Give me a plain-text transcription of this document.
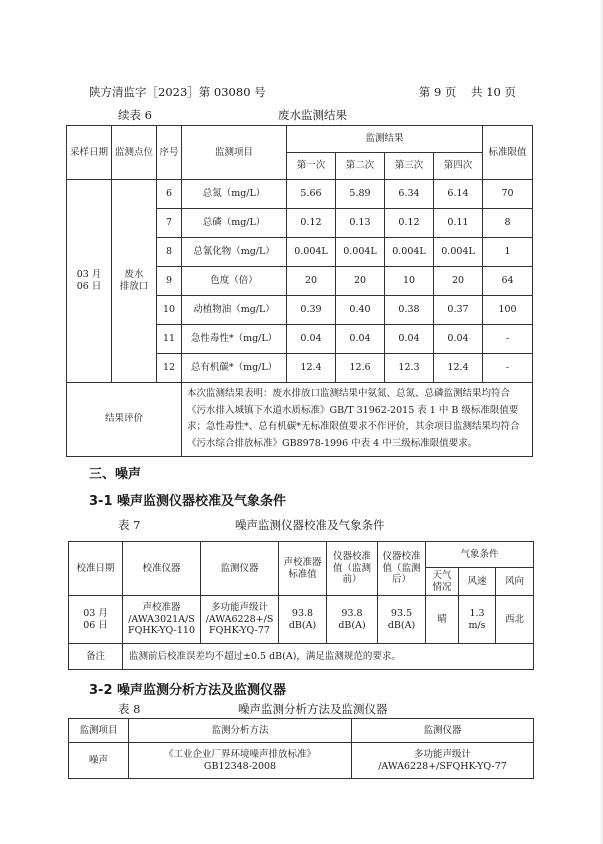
陕方清监字［2023］第 03080 号	第 9 页    共 10 页
续表 6	废水监测结果
采样日期	监测点位	序号	监测项目	监测结果				标准限值
				第一次	第二次	第三次	第四次	
03 月
06 日	废水
排放口	6	总氮（mg/L）	5.66	5.89	6.34	6.14	70
		7	总磷（mg/L）	0.12	0.13	0.12	0.11	8
		8	总氰化物（mg/L）	0.004L	0.004L	0.004L	0.004L	1
		9	色度（倍）	20	20	10	20	64
		10	动植物油（mg/L）	0.39	0.40	0.38	0.37	100
		11	急性毒性*（mg/L）	0.04	0.04	0.04	0.04	-
		12	总有机碳*（mg/L）	12.4	12.6	12.3	12.4	-
结果评价			本次监测结果表明：废水排放口监测结果中氨氮、总氮、总磷监测结果均符合《污水排入城镇下水道水质标准》GB/T 31962-2015 表 1 中 B 级标准限值要求；急性毒性*、总有机碳*无标准限值要求不作评价，其余项目监测结果均符合《污水综合排放标准》GB8978-1996 中表 4 中三级标准限值要求。					
三、噪声
3-1 噪声监测仪器校准及气象条件
表 7	噪声监测仪器校准及气象条件
校准日期	校准仪器	监测仪器	声校准器标准值	仪器校准值（监测前）	仪器校准值（监测后）	气象条件		
						天气情况	风速	风向
03 月
06 日	声校准器
/AWA3021A/S
FQHK-YQ-110	多功能声级计
/AWA6228+/S
FQHK-YQ-77	93.8
dB(A)	93.8
dB(A)	93.5
dB(A)	晴	1.3
m/s	西北
备注	监测前后校准误差均不超过±0.5 dB(A)，满足监测规范的要求。							
3-2 噪声监测分析方法及监测仪器
表 8	噪声监测分析方法及监测仪器
监测项目	监测分析方法	监测仪器
噪声	《工业企业厂界环境噪声排放标准》
GB12348-2008	多功能声级计
/AWA6228+/SFQHK-YQ-77
